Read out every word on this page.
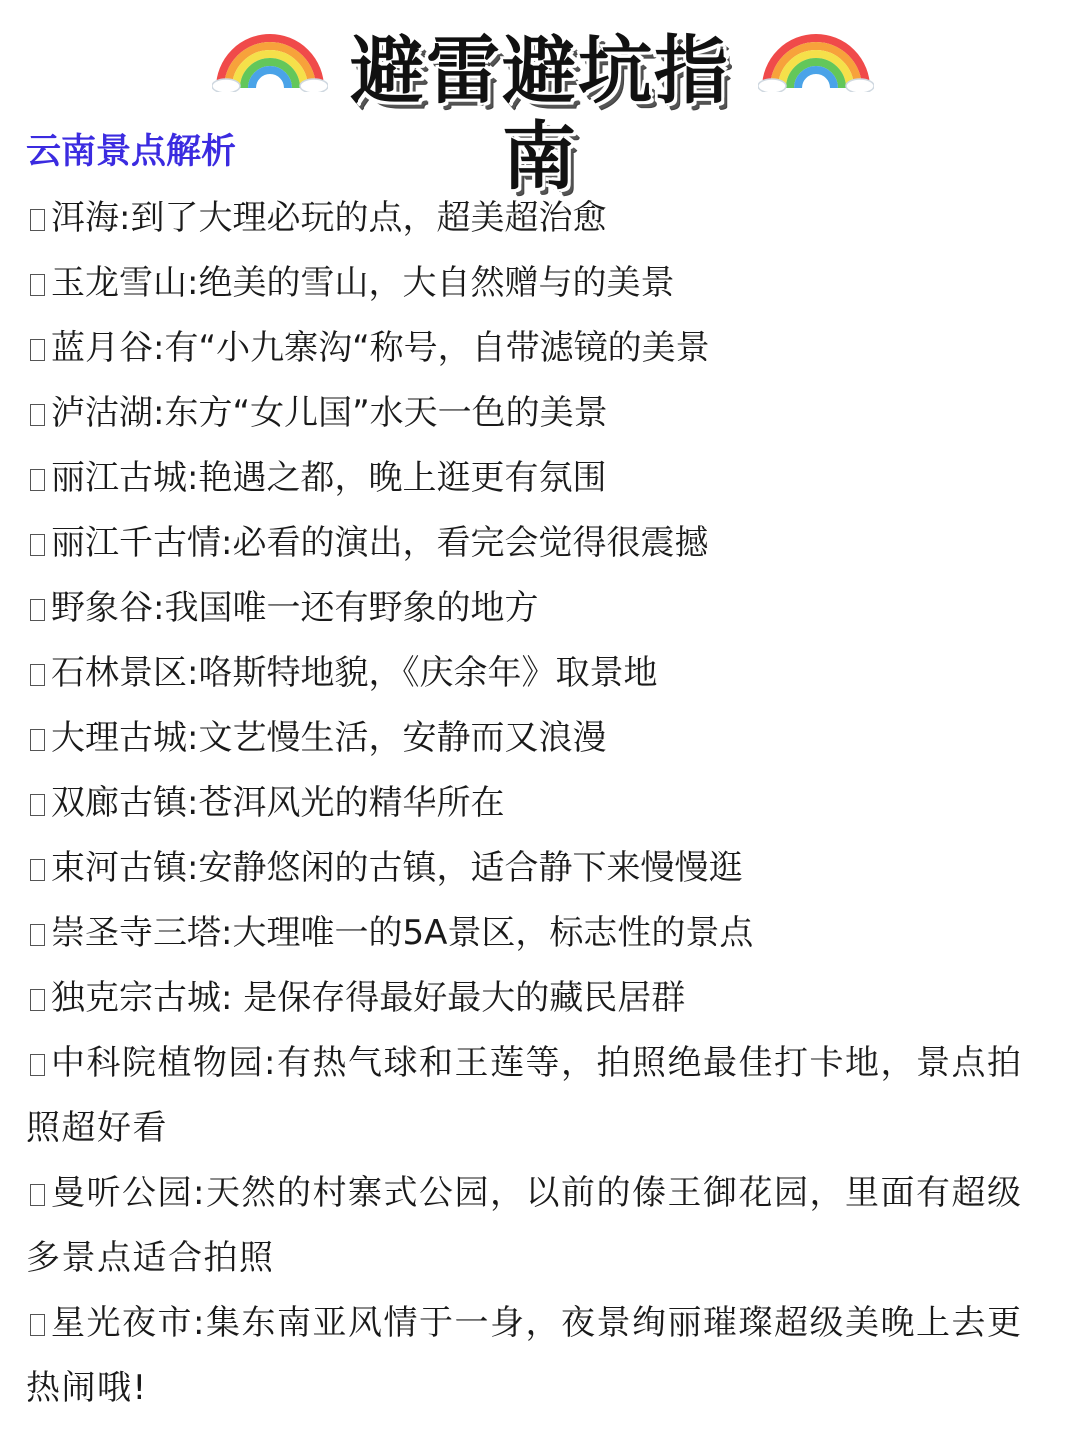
避雷避坑指南
云南景点解析
洱海:到了大理必玩的点，超美超治愈
玉龙雪山:绝美的雪山，大自然赠与的美景
蓝月谷:有“小九寨沟“称号，自带滤镜的美景
泸沽湖:东方“女儿国”水天一色的美景
丽江古城:艳遇之都，晚上逛更有氛围
丽江千古情:必看的演出，看完会觉得很震撼
野象谷:我国唯一还有野象的地方
石林景区:咯斯特地貌，《庆余年》取景地
大理古城:文艺慢生活，安静而又浪漫
双廊古镇:苍洱风光的精华所在
束河古镇:安静悠闲的古镇，适合静下来慢慢逛
崇圣寺三塔:大理唯一的5A景区，标志性的景点
独克宗古城: 是保存得最好最大的藏民居群
中科院植物园:有热气球和王莲等，拍照绝最佳打卡地，景点拍照超好看
曼听公园:天然的村寨式公园，以前的傣王御花园，里面有超级多景点适合拍照
星光夜市:集东南亚风情于一身，夜景绚丽璀璨超级美晚上去更热闹哦!
